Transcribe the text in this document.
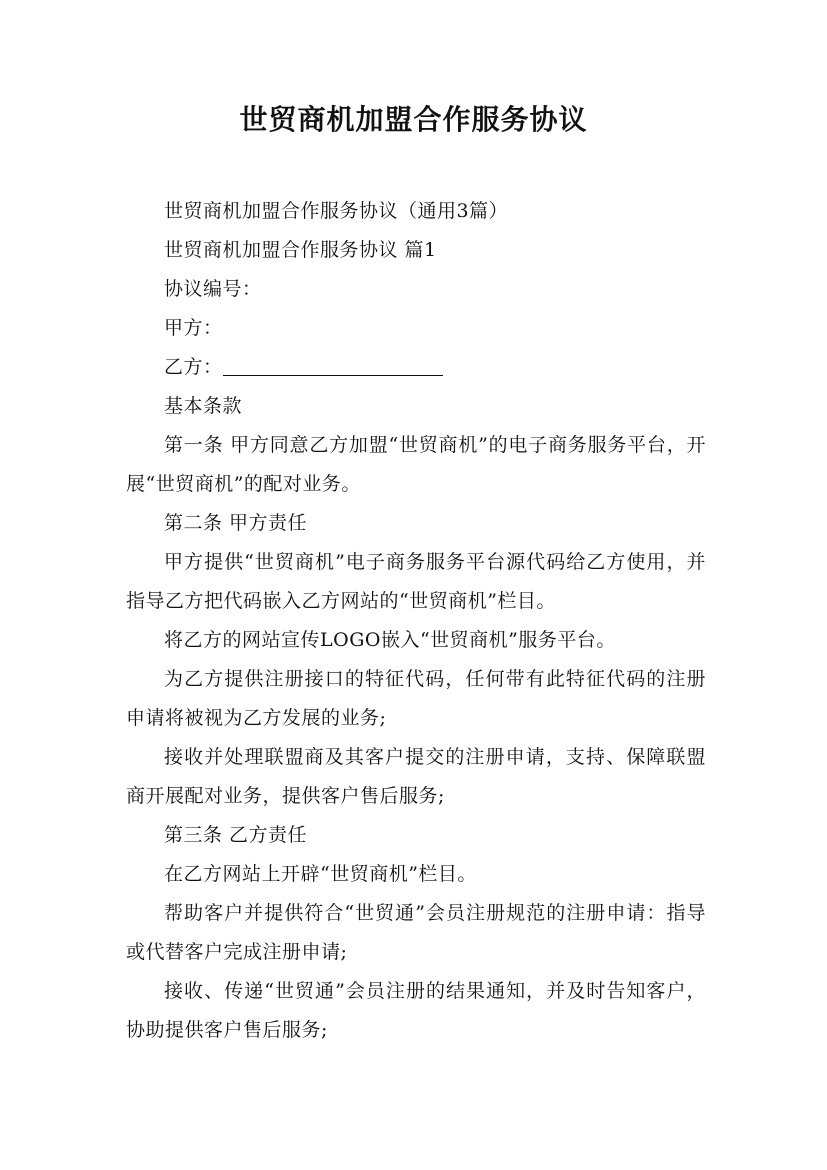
世贸商机加盟合作服务协议

世贸商机加盟合作服务协议（通用3篇）

世贸商机加盟合作服务协议 篇1

协议编号：

甲方：

乙方：

基本条款

第一条 甲方同意乙方加盟“世贸商机”的电子商务服务平台，开展“世贸商机”的配对业务。

第二条 甲方责任

甲方提供“世贸商机”电子商务服务平台源代码给乙方使用，并指导乙方把代码嵌入乙方网站的“世贸商机”栏目。

将乙方的网站宣传LOGO嵌入“世贸商机”服务平台。

为乙方提供注册接口的特征代码，任何带有此特征代码的注册申请将被视为乙方发展的业务;

接收并处理联盟商及其客户提交的注册申请，支持、保障联盟商开展配对业务，提供客户售后服务;

第三条 乙方责任

在乙方网站上开辟“世贸商机”栏目。

帮助客户并提供符合“世贸通”会员注册规范的注册申请：指导或代替客户完成注册申请;

接收、传递“世贸通”会员注册的结果通知，并及时告知客户，协助提供客户售后服务;
